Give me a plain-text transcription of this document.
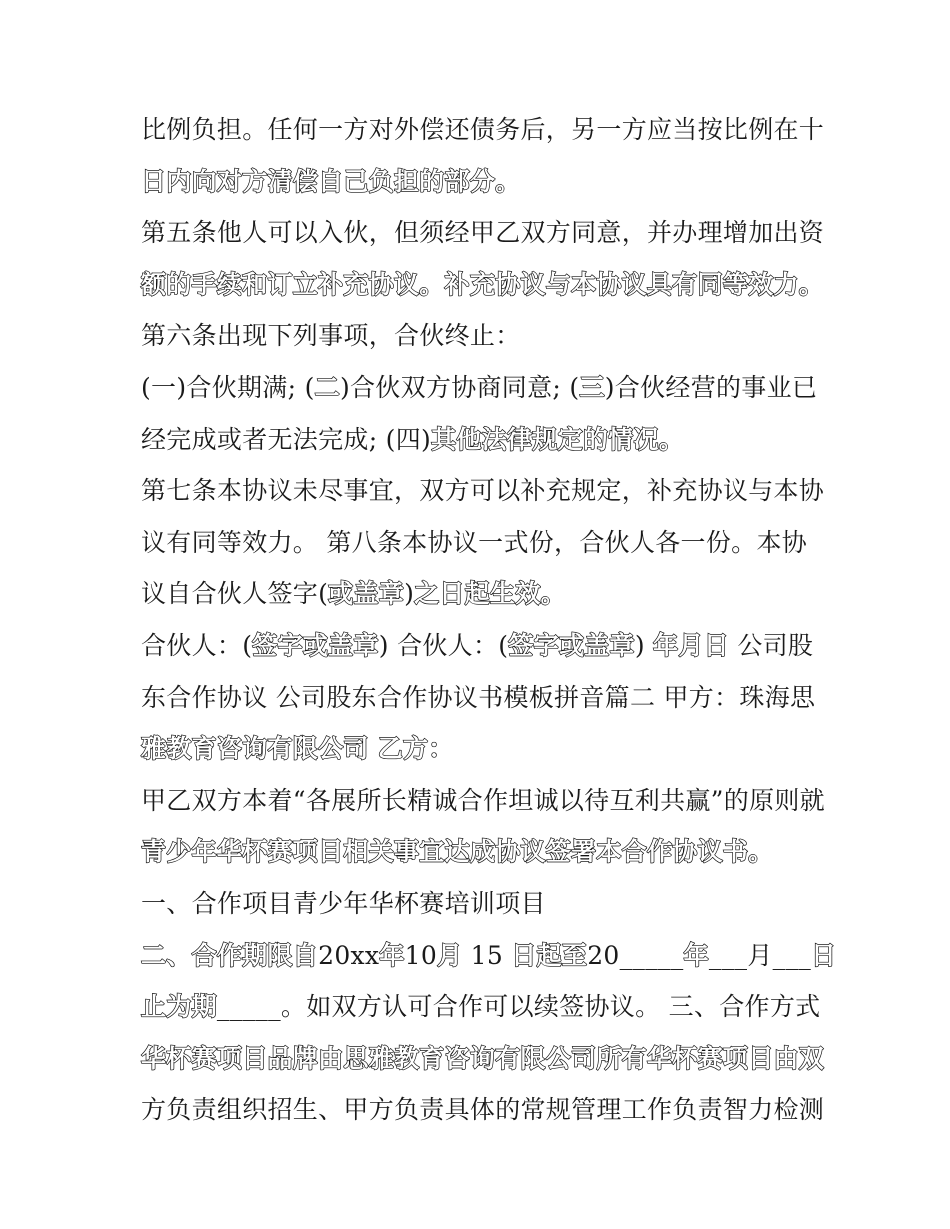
比例负担。任何一方对外偿还债务后，另一方应当按比例在十
日内向对方清偿自己负担的部分。
第五条他人可以入伙，但须经甲乙双方同意，并办理增加出资
额的手续和订立补充协议。补充协议与本协议具有同等效力。
第六条出现下列事项，合伙终止：
(一)合伙期满; (二)合伙双方协商同意; (三)合伙经营的事业已
经完成或者无法完成; (四)其他法律规定的情况。
第七条本协议未尽事宜，双方可以补充规定，补充协议与本协
议有同等效力。 第八条本协议一式份，合伙人各一份。本协
议自合伙人签字(或盖章)之日起生效。
合伙人：(签字或盖章) 合伙人：(签字或盖章) 年月日 公司股
东合作协议 公司股东合作协议书模板拼音篇二 甲方：珠海思
雅教育咨询有限公司 乙方：
甲乙双方本着“各展所长精诚合作坦诚以待互利共赢”的原则就
青少年华杯赛项目相关事宜达成协议签署本合作协议书。
一、合作项目青少年华杯赛培训项目
二、合作期限自20xx年10月 15 日起至20_____年___月___日
止为期_____。如双方认可合作可以续签协议。 三、合作方式
华杯赛项目品牌由思雅教育咨询有限公司所有华杯赛项目由双
方负责组织招生、甲方负责具体的常规管理工作负责智力检测
